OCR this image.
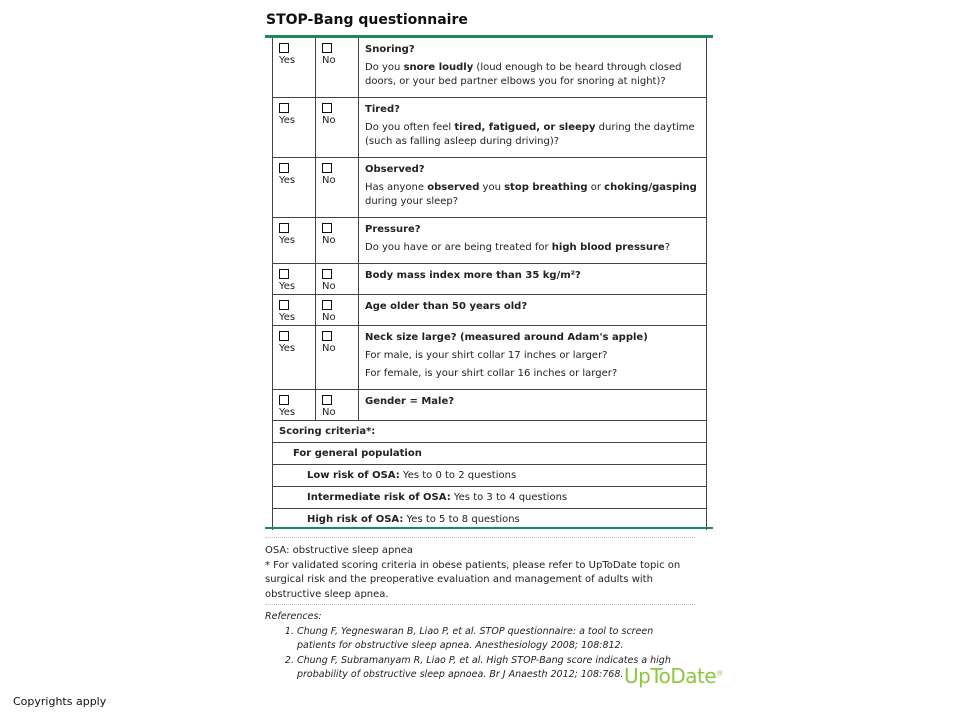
STOP-Bang questionnaire
Yes	No
Snoring?

Do you snore loudly (loud enough to be heard through closed doors, or your bed partner elbows you for snoring at night)?

Yes	No
Tired?

Do you often feel tired, fatigued, or sleepy during the daytime (such as falling asleep during driving)?

Yes	No
Observed?

Has anyone observed you stop breathing or choking/gasping during your sleep?

Yes	No
Pressure?

Do you have or are being treated for high blood pressure?

Yes	No
Body mass index more than 35 kg/m²?
Yes	No
Age older than 50 years old?
Yes	No
Neck size large? (measured around Adam's apple)

For male, is your shirt collar 17 inches or larger?

For female, is your shirt collar 16 inches or larger?

Yes	No
Gender = Male?
Scoring criteria*:
For general population
Low risk of OSA: Yes to 0 to 2 questions
Intermediate risk of OSA: Yes to 3 to 4 questions
High risk of OSA: Yes to 5 to 8 questions
OSA: obstructive sleep apnea
* For validated scoring criteria in obese patients, please refer to UpToDate topic on surgical risk and the preoperative evaluation and management of adults with obstructive sleep apnea.
References:
1. Chung F, Yegneswaran B, Liao P, et al. STOP questionnaire: a tool to screen patients for obstructive sleep apnea. Anesthesiology 2008; 108:812.
2. Chung F, Subramanyam R, Liao P, et al. High STOP-Bang score indicates a high probability of obstructive sleep apnoea. Br J Anaesth 2012; 108:768. UpToDate®
Copyrights apply
